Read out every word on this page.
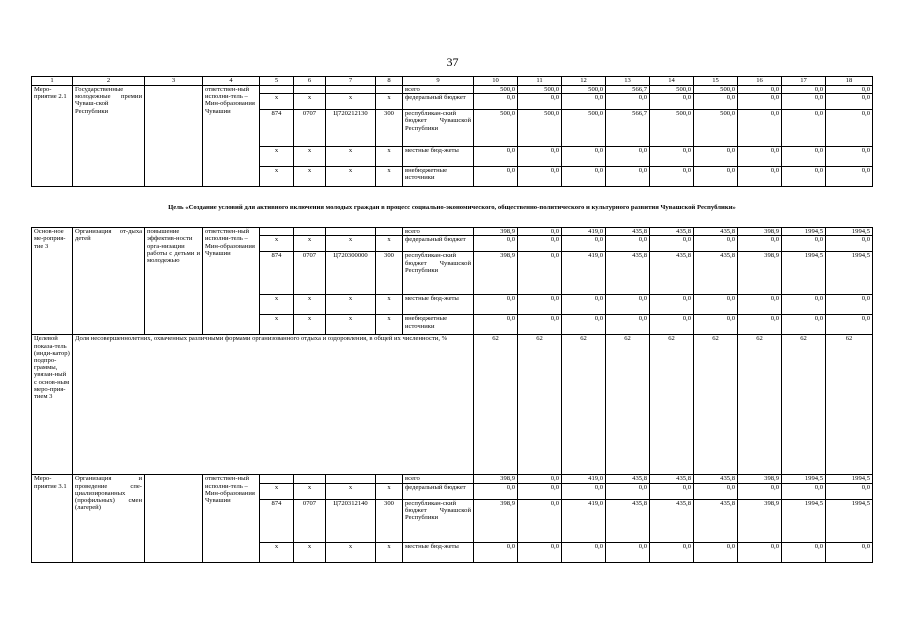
37
1	2	3	4	5	6	7	8	9	10	11	12	13	14	15	16	17	18
Меро-приятие 2.1	Государственные молодежные премии Чуваш-ской Республики		ответствен-ный исполни-тель – Мин-образования Чувашии					всего	500,0	500,0	500,0	566,7	500,0	500,0	0,0	0,0	0,0
				x	x	x	x	федеральный бюджет	0,0	0,0	0,0	0,0	0,0	0,0	0,0	0,0	0,0
				874	0707	Ц720212130	300	республикан-ский бюджет Чувашской Республики	500,0	500,0	500,0	566,7	500,0	500,0	0,0	0,0	0,0
				x	x	x	x	местные бюд-жеты	0,0	0,0	0,0	0,0	0,0	0,0	0,0	0,0	0,0
				x	x	x	x	внебюджетные источники	0,0	0,0	0,0	0,0	0,0	0,0	0,0	0,0	0,0
Цель «Создание условий для активного включения молодых граждан в процесс социально-экономического, общественно-политического и культурного развития Чувашской Республики»																	
Основ-ное ме-роприя-тие 3	Организация от-дыха детей	повышение эффектив-ности орга-низации работы с детьми и молодежью	ответствен-ный исполни-тель – Мин-образования Чувашии					всего	398,9	0,0	419,0	435,8	435,8	435,8	398,9	1994,5	1994,5
				x	x	x	x	федеральный бюджет	0,0	0,0	0,0	0,0	0,0	0,0	0,0	0,0	0,0
				874	0707	Ц720300000	300	республикан-ский бюджет Чувашской Республики	398,9	0,0	419,0	435,8	435,8	435,8	398,9	1994,5	1994,5
				x	x	x	x	местные бюд-жеты	0,0	0,0	0,0	0,0	0,0	0,0	0,0	0,0	0,0
				x	x	x	x	внебюджетные источники	0,0	0,0	0,0	0,0	0,0	0,0	0,0	0,0	0,0
Целевой показа-тель (инди-катор) подпро-граммы, увязан-ный с основ-ным меро-прия-тием 3	Доля несовершеннолетних, охваченных различными формами организованного отдыха и оздоровления, в общей их численности, %								62	62	62	62	62	62	62	62	62
Меро-приятие 3.1	Организация и проведение спе-циализированных (профильных) смен (лагерей)		ответствен-ный исполни-тель – Мин-образования Чувашии					всего	398,9	0,0	419,0	435,8	435,8	435,8	398,9	1994,5	1994,5
				x	x	x	x	федеральный бюджет	0,0	0,0	0,0	0,0	0,0	0,0	0,0	0,0	0,0
				874	0707	Ц720312140	300	республикан-ский бюджет Чувашской Республики	398,9	0,0	419,0	435,8	435,8	435,8	398,9	1994,5	1994,5
				x	x	x	x	местные бюд-жеты	0,0	0,0	0,0	0,0	0,0	0,0	0,0	0,0	0,0
